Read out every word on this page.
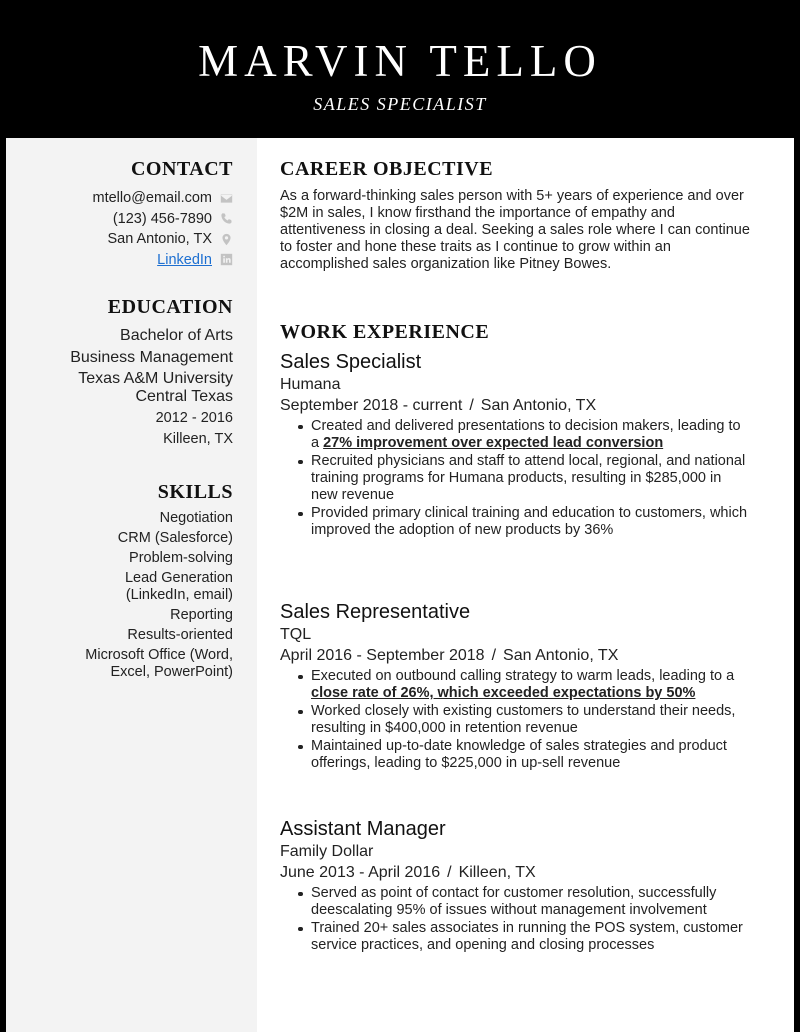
MARVIN TELLO
SALES SPECIALIST
CONTACT
mtello@email.com
(123) 456-7890
San Antonio, TX
LinkedIn
EDUCATION
Bachelor of Arts
Business Management
Texas A&M University
Central Texas
2012 - 2016
Killeen, TX
SKILLS
Negotiation
CRM (Salesforce)
Problem-solving
Lead Generation (LinkedIn, email)
Reporting
Results-oriented
Microsoft Office (Word, Excel, PowerPoint)
CAREER OBJECTIVE
As a forward-thinking sales person with 5+ years of experience and over $2M in sales, I know firsthand the importance of empathy and attentiveness in closing a deal. Seeking a sales role where I can continue to foster and hone these traits as I continue to grow within an accomplished sales organization like Pitney Bowes.
WORK EXPERIENCE
Sales Specialist
Humana
September 2018 - current / San Antonio, TX
Created and delivered presentations to decision makers, leading to a 27% improvement over expected lead conversion
Recruited physicians and staff to attend local, regional, and national training programs for Humana products, resulting in $285,000 in new revenue
Provided primary clinical training and education to customers, which improved the adoption of new products by 36%
Sales Representative
TQL
April 2016 - September 2018 / San Antonio, TX
Executed on outbound calling strategy to warm leads, leading to a close rate of 26%, which exceeded expectations by 50%
Worked closely with existing customers to understand their needs, resulting in $400,000 in retention revenue
Maintained up-to-date knowledge of sales strategies and product offerings, leading to $225,000 in up-sell revenue
Assistant Manager
Family Dollar
June 2013 - April 2016 / Killeen, TX
Served as point of contact for customer resolution, successfully deescalating 95% of issues without management involvement
Trained 20+ sales associates in running the POS system, customer service practices, and opening and closing processes
